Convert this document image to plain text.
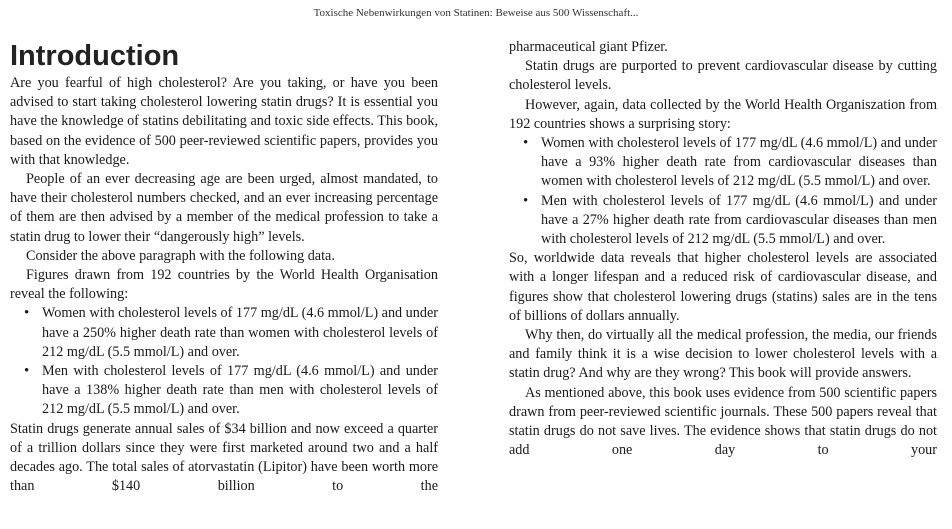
Toxische Nebenwirkungen von Statinen: Beweise aus 500 Wissenschaft...
Introduction

Are you fearful of high cholesterol? Are you taking, or have you been advised to start taking cholesterol lowering statin drugs? It is essential you have the knowledge of statins debilitating and toxic side effects. This book, based on the evidence of 500 peer-reviewed scientific papers, provides you with that knowledge.

People of an ever decreasing age are been urged, almost mandated, to have their cholesterol numbers checked, and an ever increasing percentage of them are then advised by a member of the medical profession to take a statin drug to lower their “dangerously high” levels.

Consider the above paragraph with the following data.

Figures drawn from 192 countries by the World Health Organisation reveal the following:

• Women with cholesterol levels of 177 mg/dL (4.6 mmol/L) and under have a 250% higher death rate than women with cholesterol levels of 212 mg/dL (5.5 mmol/L) and over.
• Men with cholesterol levels of 177 mg/dL (4.6 mmol/L) and under have a 138% higher death rate than men with cholesterol levels of 212 mg/dL (5.5 mmol/L) and over.

Statin drugs generate annual sales of $34 billion and now exceed a quarter of a trillion dollars since they were first marketed around two and a half decades ago. The total sales of atorvastatin (Lipitor) have been worth more than $140 billion to the

pharmaceutical giant Pfizer.

Statin drugs are purported to prevent cardiovascular disease by cutting cholesterol levels.

However, again, data collected by the World Health Organiszation from 192 countries shows a surprising story:

• Women with cholesterol levels of 177 mg/dL (4.6 mmol/L) and under have a 93% higher death rate from cardiovascular diseases than women with cholesterol levels of 212 mg/dL (5.5 mmol/L) and over.
• Men with cholesterol levels of 177 mg/dL (4.6 mmol/L) and under have a 27% higher death rate from cardiovascular diseases than men with cholesterol levels of 212 mg/dL (5.5 mmol/L) and over.

So, worldwide data reveals that higher cholesterol levels are associated with a longer lifespan and a reduced risk of cardiovascular disease, and figures show that cholesterol lowering drugs (statins) sales are in the tens of billions of dollars annually.

Why then, do virtually all the medical profession, the media, our friends and family think it is a wise decision to lower cholesterol levels with a statin drug? And why are they wrong? This book will provide answers.

As mentioned above, this book uses evidence from 500 scientific papers drawn from peer-reviewed scientific journals. These 500 papers reveal that statin drugs do not save lives. The evidence shows that statin drugs do not add one day to your
